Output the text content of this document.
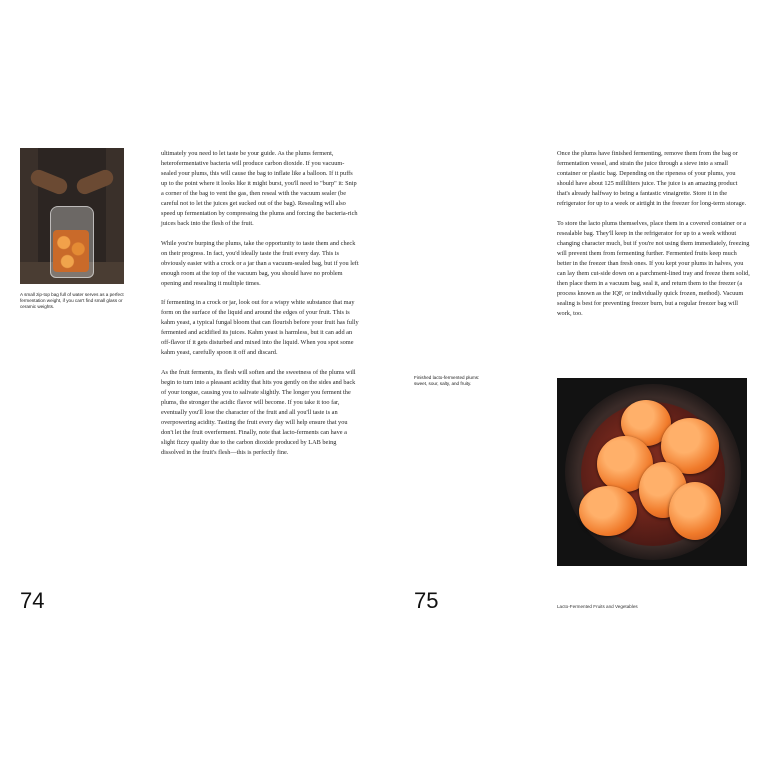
A small zip-top bag full of water serves as a perfect fermentation weight, if you can't find small glass or ceramic weights.

ultimately you need to let taste be your guide. As the plums ferment, heterofermentative bacteria will produce carbon dioxide. If you vacuum-sealed your plums, this will cause the bag to inflate like a balloon. If it puffs up to the point where it looks like it might burst, you'll need to "burp" it: Snip a corner of the bag to vent the gas, then reseal with the vacuum sealer (be careful not to let the juices get sucked out of the bag). Resealing will also speed up fermentation by compressing the plums and forcing the bacteria-rich juices back into the flesh of the fruit.

While you're burping the plums, take the opportunity to taste them and check on their progress. In fact, you'd ideally taste the fruit every day. This is obviously easier with a crock or a jar than a vacuum-sealed bag, but if you left enough room at the top of the vacuum bag, you should have no problem opening and resealing it multiple times.

If fermenting in a crock or jar, look out for a wispy white substance that may form on the surface of the liquid and around the edges of your fruit. This is kahm yeast, a typical fungal bloom that can flourish before your fruit has fully fermented and acidified its juices. Kahm yeast is harmless, but it can add an off-flavor if it gets disturbed and mixed into the liquid. When you spot some kahm yeast, carefully spoon it off and discard.

As the fruit ferments, its flesh will soften and the sweetness of the plums will begin to turn into a pleasant acidity that hits you gently on the sides and back of your tongue, causing you to salivate slightly. The longer you ferment the plums, the stronger the acidic flavor will become. If you take it too far, eventually you'll lose the character of the fruit and all you'll taste is an overpowering acidity. Tasting the fruit every day will help ensure that you don't let the fruit overferment. Finally, note that lacto-ferments can have a slight fizzy quality due to the carbon dioxide produced by LAB being dissolved in the fruit's flesh—this is perfectly fine.

74

Once the plums have finished fermenting, remove them from the bag or fermentation vessel, and strain the juice through a sieve into a small container or plastic bag. Depending on the ripeness of your plums, you should have about 125 milliliters juice. The juice is an amazing product that's already halfway to being a fantastic vinaigrette. Store it in the refrigerator for up to a week or airtight in the freezer for long-term storage.

To store the lacto plums themselves, place them in a covered container or a resealable bag. They'll keep in the refrigerator for up to a week without changing character much, but if you're not using them immediately, freezing will prevent them from fermenting further. Fermented fruits keep much better in the freezer than fresh ones. If you kept your plums in halves, you can lay them cut-side down on a parchment-lined tray and freeze them solid, then place them in a vacuum bag, seal it, and return them to the freezer (a process known as the IQF, or individually quick frozen, method). Vacuum sealing is best for preventing freezer burn, but a regular freezer bag will work, too.

Finished lacto-fermented plums: sweet, sour, salty, and fruity.
75	Lacto-Fermented Fruits and Vegetables
